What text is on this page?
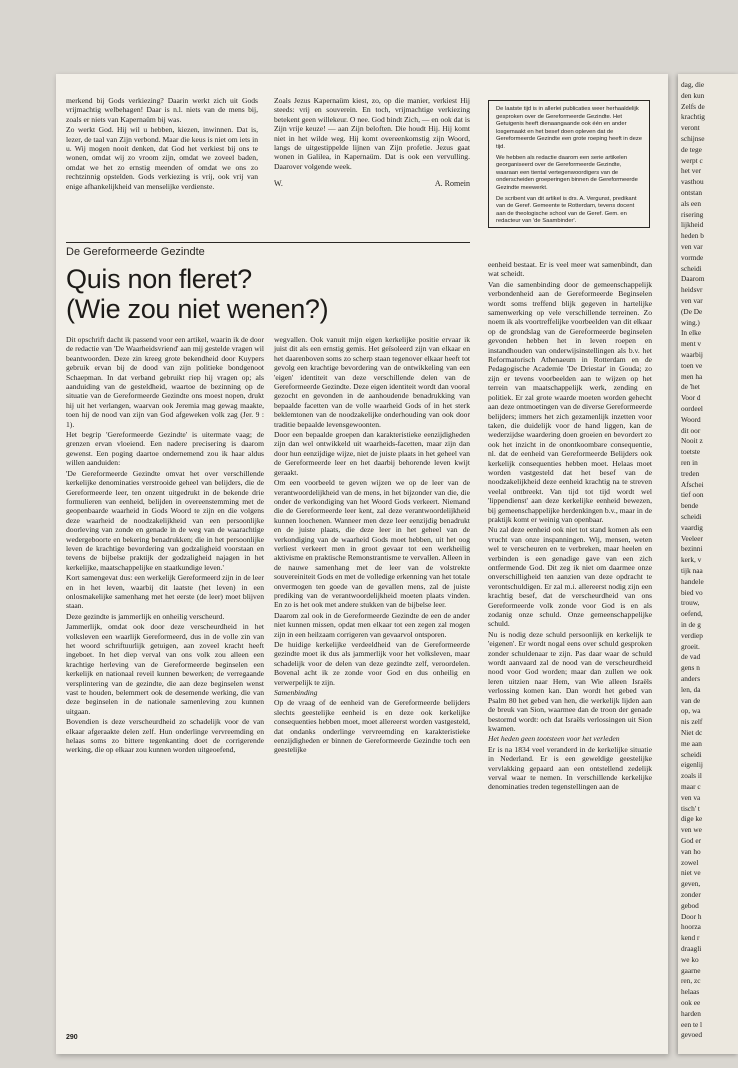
merkend bij Gods verkiezing? Daarin werkt zich uit Gods vrijmachtig welbehagen! Daar is n.l. niets van de mens bij, zoals er niets van Kapernaüm bij was.

Zo werkt God. Hij wil u hebben, kiezen, inwinnen. Dat is, lezer, de taal van Zijn verbond. Maar die keus is niet om iets in u. Wij mogen nooit denken, dat God het verkiest bij ons te wonen, omdat wij zo vroom zijn, omdat we zoveel baden, omdat we het zo ernstig meenden of omdat we ons zo rechtzinnig opstelden. Gods verkiezing is vrij, ook vrij van enige afhankelijkheid van menselijke verdienste.

Zoals Jezus Kapernaüm kiest, zo, op die manier, verkiest Hij steeds: vrij en souverein. En toch, vrijmachtige verkiezing betekent geen willekeur. O nee. God bindt Zich, — en ook dat is Zijn vrije keuze! — aan Zijn beloften. Die houdt Hij. Hij komt niet in het wilde weg. Hij komt overeenkomstig zijn Woord, langs de uitgestippelde lijnen van Zijn profetie. Jezus gaat wonen in Galilea, in Kapernaüm. Dat is ook een vervulling. Daarover volgende week.

W.	A. Romein

De laatste tijd is in allerlei publicaties weer herhaaldelijk gesproken over de Gereformeerde Gezindte. Het Getuigenis heeft dienaangaande ook één en ander losgemaakt en het besef doen opleven dat de Gereformeerde Gezindte een grote roeping heeft in deze tijd.

We hebben als redactie daarom een serie artikelen georganiseerd over de Gereformeerde Gezindte, waaraan een tiental vertegenwoordigers van de onderscheiden groeperingen binnen de Gereformeerde Gezindte meewerkt.

De scribent van dit artikel is drs. A. Vergunst, predikant van de Geref. Gemeente te Rotterdam, tevens docent aan de theologische school van de Geref. Gem. en redacteur van 'de Saambinder'.

De Gereformeerde Gezindte
Quis non fleret?
(Wie zou niet wenen?)

Dit opschrift dacht ik passend voor een artikel, waarin ik de door de redactie van 'De Waarheidsvriend' aan mij gestelde vragen wil beantwoorden. Deze zin kreeg grote bekendheid door Kuypers gebruik ervan bij de dood van zijn politieke bondgenoot Schaepman. In dat verband gebruikt riep hij vragen op; als aanduiding van de gesteldheid, waartoe de bezinning op de situatie van de Gereformeerde Gezindte ons moest nopen, drukt hij uit het verlangen, waarvan ook Jeremia mag gewag maakte, toen hij de nood van zijn van God afgeweken volk zag (Jer. 9 : 1).

Het begrip 'Gereformeerde Gezindte' is uitermate vaag; de grenzen ervan vloeiend. Een nadere precisering is daarom gewenst. Een poging daartoe ondernemend zou ik haar aldus willen aanduiden:

'De Gereformeerde Gezindte omvat het over verschillende kerkelijke denominaties verstrooide geheel van belijders, die de Gereformeerde leer, ten onzent uitgedrukt in de bekende drie formulieren van eenheid, belijden in overeenstemming met de geopenbaarde waarheid in Gods Woord te zijn en die volgens deze waarheid de noodzakelijkheid van een persoonlijke doorleving van zonde en genade in de weg van de waarachtige wedergeboorte en bekering benadrukken; die in het persoonlijke leven de krachtige bevordering van godzaligheid voorstaan en tevens de bijbelse praktijk der godzaligheid najagen in het kerkelijke, maatschappelijke en staatkundige leven.'

Kort samengevat dus: een werkelijk Gereformeerd zijn in de leer en in het leven, waarbij dit laatste (het leven) in een onlosmakelijke samenhang met het eerste (de leer) moet blijven staan.

Deze gezindte is jammerlijk en onheilig verscheurd.

Jammerlijk, omdat ook door deze verscheurdheid in het volksleven een waarlijk Gereformeerd, dus in de volle zin van het woord schriftuurlijk getuigen, aan zoveel kracht heeft ingeboet. In het diep verval van ons volk zou alleen een krachtige herleving van de Gereformeerde beginselen een kerkelijk en nationaal reveil kunnen bewerken; de verregaande versplintering van de gezindte, die aan deze beginselen wenst vast te houden, belemmert ook de desemende werking, die van deze beginselen in de nationale samenleving zou kunnen uitgaan.

Bovendien is deze verscheurdheid zo schadelijk voor de van elkaar afgeraakte delen zelf. Hun onderlinge vervreemding en helaas soms zo bittere tegenkanting doet de corrigerende werking, die op elkaar zou kunnen worden uitgeoefend,

wegvallen. Ook vanuit mijn eigen kerkelijke positie ervaar ik juist dit als een ernstig gemis. Het geïsoleerd zijn van elkaar en het daarenboven soms zo scherp staan tegenover elkaar heeft tot gevolg een krachtige bevordering van de ontwikkeling van een 'eigen' identiteit van deze verschillende delen van de Gereformeerde Gezindte. Deze eigen identiteit wordt dan vooral gezocht en gevonden in de aanhoudende benadrukking van bepaalde facetten van de volle waarheid Gods of in het sterk beklemtonen van de noodzakelijke onderhouding van ook door traditie bepaalde levensgewoonten.

Door een bepaalde groepen dan karakteristieke eenzijdigheden zijn dan wel ontwikkeld uit waarheids-facetten, maar zijn dan door hun eenzijdige wijze, niet de juiste plaats in het geheel van de Gereformeerde leer en het daarbij behorende leven kwijt geraakt.

Om een voorbeeld te geven wijzen we op de leer van de verantwoordelijkheid van de mens, in het bijzonder van die, die onder de verkondiging van het Woord Gods verkeert. Niemand die de Gereformeerde leer kent, zal deze verantwoordelijkheid kunnen loochenen. Wanneer men deze leer eenzijdig benadrukt en de juiste plaats, die deze leer in het geheel van de verkondiging van de waarheid Gods moet hebben, uit het oog verliest verkeert men in groot gevaar tot een werkheilig aktivisme en praktische Remonstrantisme te vervallen. Alleen in de nauwe samenhang met de leer van de volstrekte souvereiniteit Gods en met de volledige erkenning van het totale onvermogen ten goede van de gevallen mens, zal de juiste prediking van de verantwoordelijkheid moeten plaats vinden. En zo is het ook met andere stukken van de bijbelse leer.

Daarom zal ook in de Gereformeerde Gezindte de een de ander niet kunnen missen, opdat men elkaar tot een zegen zal mogen zijn in een heilzaam corrigeren van gevaarvol ontsporen.

De huidige kerkelijke verdeeldheid van de Gereformeerde gezindte moet ik dus als jammerlijk voor het volksleven, maar schadelijk voor de delen van deze gezindte zelf, veroordelen. Bovenal acht ik ze zonde voor God en dus onheilig en verwerpelijk te zijn.

Samenbinding

Op de vraag of de eenheid van de Gereformeerde belijders slechts geestelijke eenheid is en deze ook kerkelijke consequenties hebben moet, moet allereerst worden vastgesteld, dat ondanks onderlinge vervreemding en karakteristieke eenzijdigheden er binnen de Gereformeerde Gezindte toch een geestelijke

eenheid bestaat. Er is veel meer wat samenbindt, dan wat scheidt.

Van die samenbinding door de gemeenschappelijk verbondenheid aan de Gereformeerde Beginselen wordt soms treffend blijk gegeven in hartelijke samenwerking op vele verschillende terreinen. Zo noem ik als voortreffelijke voorbeelden van dit elkaar op de grondslag van de Gereformeerde beginselen gevonden hebben het in leven roepen en instandhouden van onderwijsinstellingen als b.v. het Reformatorisch Athenaeum in Rotterdam en de Pedagogische Academie 'De Driestar' in Gouda; zo zijn er tevens voorbeelden aan te wijzen op het terrein van maatschappelijk werk, zending en politiek. Er zal grote waarde moeten worden gehecht aan deze ontmoetingen van de diverse Gereformeerde belijders; immers het zich gezamenlijk inzetten voor taken, die duidelijk voor de hand liggen, kan de wederzijdse waardering doen groeien en bevordert zo ook het inzicht in de onontkoombare consequentie, nl. dat de eenheid van Gereformeerde Belijders ook kerkelijk consequenties hebben moet. Helaas moet worden vastgesteld dat het besef van de noodzakelijkheid deze eenheid krachtig na te streven veelal ontbreekt. Van tijd tot tijd wordt wel 'lippendienst' aan deze kerkelijke eenheid bewezen, bij gemeenschappelijke herdenkingen b.v., maar in de praktijk komt er weinig van openbaar.

Nu zal deze eenheid ook niet tot stand komen als een vrucht van onze inspanningen. Wij, mensen, weten wel te verscheuren en te verbreken, maar heelen en verbinden is een genadige gave van een zich ontfermende God. Dit zeg ik niet om daarmee onze onverschilligheid ten aanzien van deze opdracht te verontschuldigen. Er zal m.i. allereerst nodig zijn een krachtig besef, dat de verscheurdheid van ons Gereformeerde volk zonde voor God is en als zodanig onze schuld. Onze gemeenschappelijke schuld.

Nu is nodig deze schuld persoonlijk en kerkelijk te 'eigenen'. Er wordt nogal eens over schuld gesproken zonder schuldenaar te zijn. Pas daar waar de schuld wordt aanvaard zal de nood van de verscheurdheid nood voor God worden; maar dan zullen we ook leren uitzien naar Hem, van Wie alleen Israëls verlossing komen kan. Dan wordt het gebed van Psalm 80 het gebed van hen, die werkelijk lijden aan de breuk van Sion, waarmee dan de troon der genade bestormd wordt: och dat Israëls verlossingen uit Sion kwamen.

Het heden geen tootsteen voor het verleden

Er is na 1834 veel veranderd in de kerkelijke situatie in Nederland. Er is een geweldige geestelijke vervlakking gepaard aan een ontstellend zedelijk verval waar te nemen. In verschillende kerkelijke denominaties treden tegenstellingen aan de

290
dag, die
den kun
Zelfs de
krachtig
veront
schijnse
de tege
werpt c
het ver
vasthou
ontstan
als een
risering
lijkheid
heden b
ven var
vormde
scheidi
Daarom
heidsvr
ven var
(De De
wing.)
In elke
ment v
waarbij
toen ve
men ha
de 'het
Voor d
oordeel
Woord
dit oor
Nooit z
toetste
ren in
treden
Afschei
tief oon
bende
scheidi
vaardig
Veeleer
bezinni
kerk, v
tijk naa
handele
bied vo
trouw,
oefend,
in de g
verdiep
groeit.
de vad
gens n
anders
len, da
van de
op, wa
nis zelf
Niet dc
me aan
scheidi
eigenlij
zoals il
maar c
ven va
tisch' t
dige ke
ven we
God er
van ho
zowel
niet ve
geven,
zonder
gebod
Door h
hoorza
kend r
draagli
we ko
gaarne
ren, zc
helaas
ook ee
harden
een te l
gevoed
